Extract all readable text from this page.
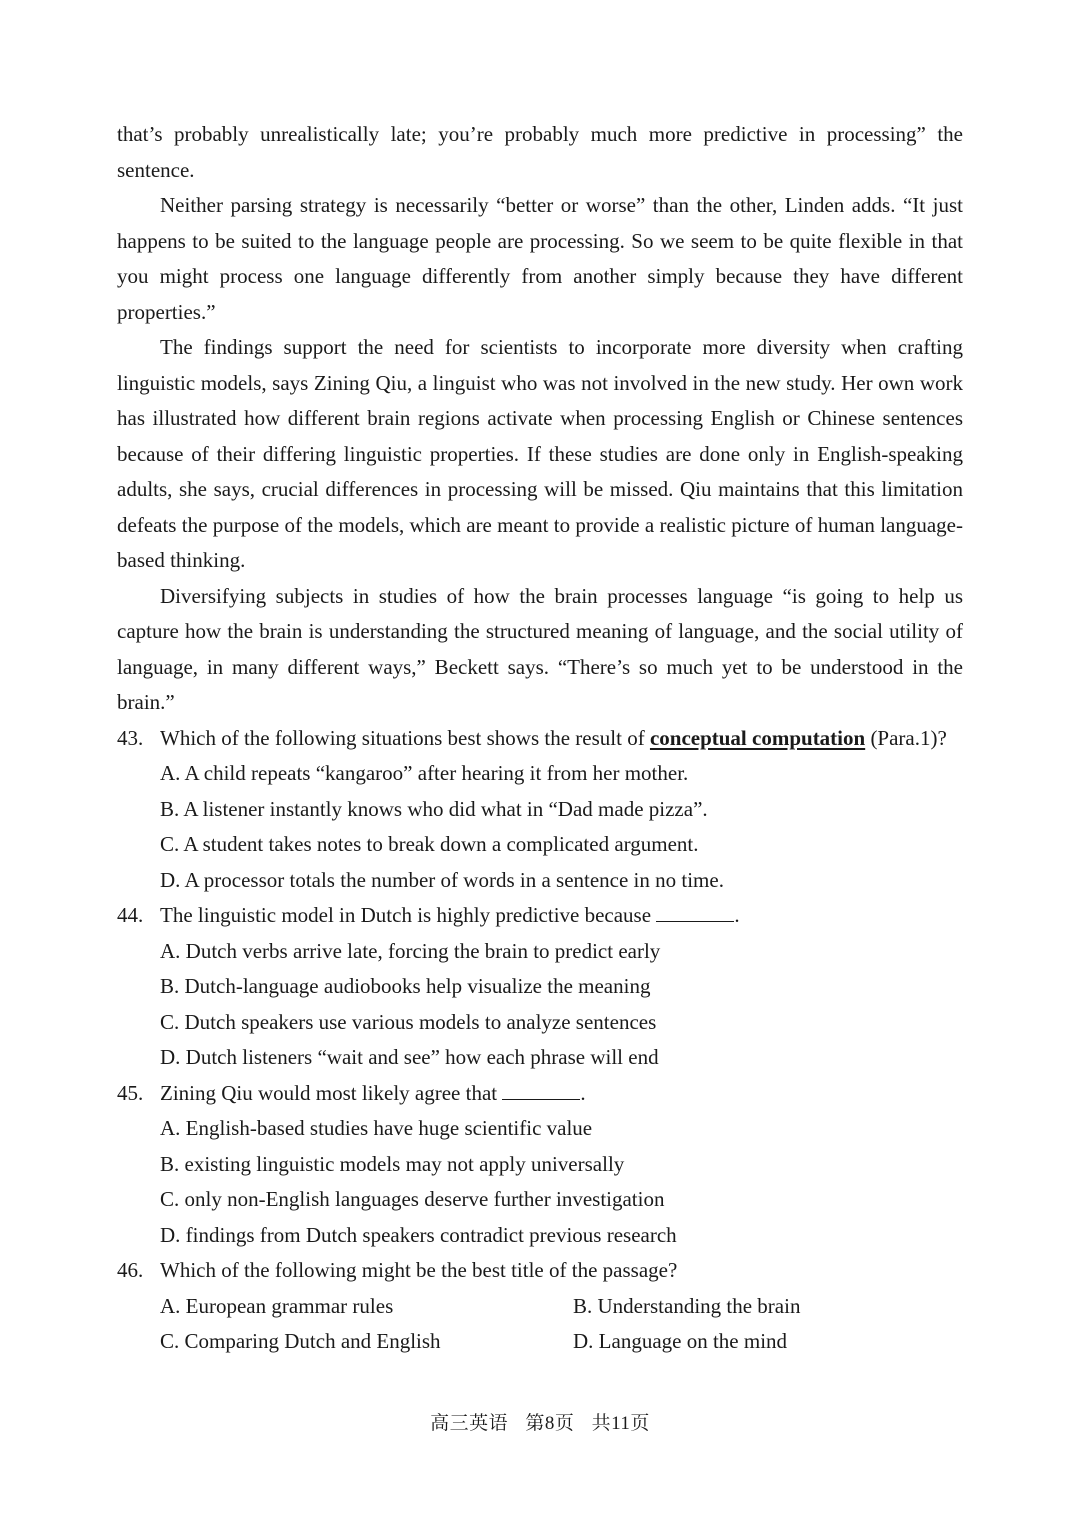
that’s probably unrealistically late; you’re probably much more predictive in processing” the sentence.

Neither parsing strategy is necessarily “better or worse” than the other, Linden adds. “It just happens to be suited to the language people are processing. So we seem to be quite flexible in that you might process one language differently from another simply because they have different properties.”

The findings support the need for scientists to incorporate more diversity when crafting linguistic models, says Zining Qiu, a linguist who was not involved in the new study. Her own work has illustrated how different brain regions activate when processing English or Chinese sentences because of their differing linguistic properties. If these studies are done only in English-speaking adults, she says, crucial differences in processing will be missed. Qiu maintains that this limitation defeats the purpose of the models, which are meant to provide a realistic picture of human language-based thinking.

Diversifying subjects in studies of how the brain processes language “is going to help us capture how the brain is understanding the structured meaning of language, and the social utility of language, in many different ways,” Beckett says. “There’s so much yet to be understood in the brain.”

43. Which of the following situations best shows the result of conceptual computation (Para.1)?
A. A child repeats “kangaroo” after hearing it from her mother.
B. A listener instantly knows who did what in “Dad made pizza”.
C. A student takes notes to break down a complicated argument.
D. A processor totals the number of words in a sentence in no time.
44. The linguistic model in Dutch is highly predictive because	.
A. Dutch verbs arrive late, forcing the brain to predict early
B. Dutch-language audiobooks help visualize the meaning
C. Dutch speakers use various models to analyze sentences
D. Dutch listeners “wait and see” how each phrase will end
45. Zining Qiu would most likely agree that	.
A. English-based studies have huge scientific value
B. existing linguistic models may not apply universally
C. only non-English languages deserve further investigation
D. findings from Dutch speakers contradict previous research
46. Which of the following might be the best title of the passage?
A. European grammar rules	B. Understanding the brain
C. Comparing Dutch and English	D. Language on the mind
高三英语 第8页 共11页
